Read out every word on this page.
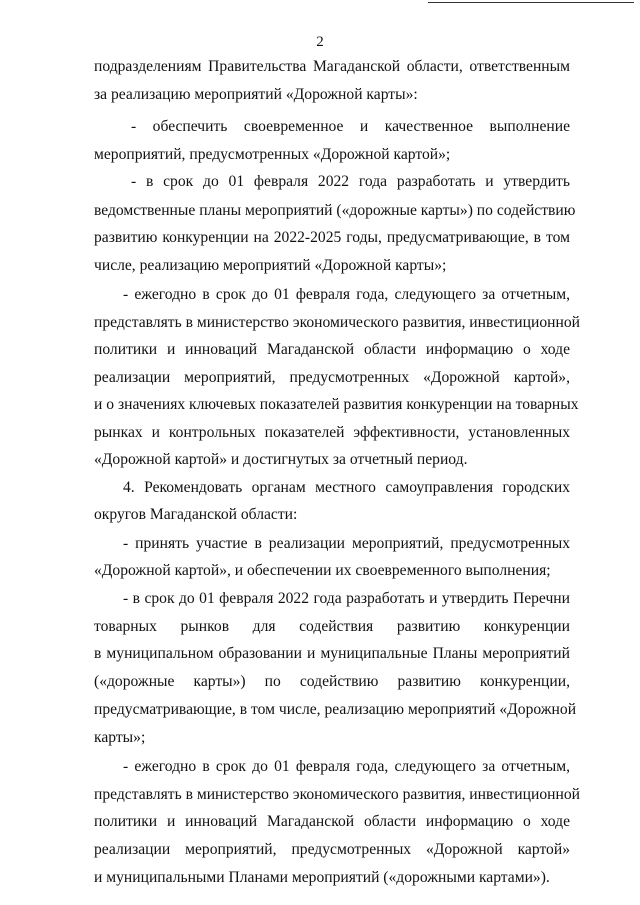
2
подразделениям Правительства Магаданской области, ответственным
за реализацию мероприятий «Дорожной карты»:
- обеспечить своевременное и качественное выполнение
мероприятий, предусмотренных «Дорожной картой»;
- в срок до 01 февраля 2022 года разработать и утвердить
ведомственные планы мероприятий («дорожные карты») по содействию
развитию конкуренции на 2022-2025 годы, предусматривающие, в том
числе, реализацию мероприятий «Дорожной карты»;
- ежегодно в срок до 01 февраля года, следующего за отчетным,
представлять в министерство экономического развития, инвестиционной
политики и инноваций Магаданской области информацию о ходе
реализации мероприятий, предусмотренных «Дорожной картой»,
и о значениях ключевых показателей развития конкуренции на товарных
рынках и контрольных показателей эффективности, установленных
«Дорожной картой» и достигнутых за отчетный период.
4. Рекомендовать органам местного самоуправления городских
округов Магаданской области:
- принять участие в реализации мероприятий, предусмотренных
«Дорожной картой», и обеспечении их своевременного выполнения;
- в срок до 01 февраля 2022 года разработать и утвердить Перечни
товарных рынков для содействия развитию конкуренции
в муниципальном образовании и муниципальные Планы мероприятий
(«дорожные карты») по содействию развитию конкуренции,
предусматривающие, в том числе, реализацию мероприятий «Дорожной
карты»;
- ежегодно в срок до 01 февраля года, следующего за отчетным,
представлять в министерство экономического развития, инвестиционной
политики и инноваций Магаданской области информацию о ходе
реализации мероприятий, предусмотренных «Дорожной картой»
и муниципальными Планами мероприятий («дорожными картами»).
